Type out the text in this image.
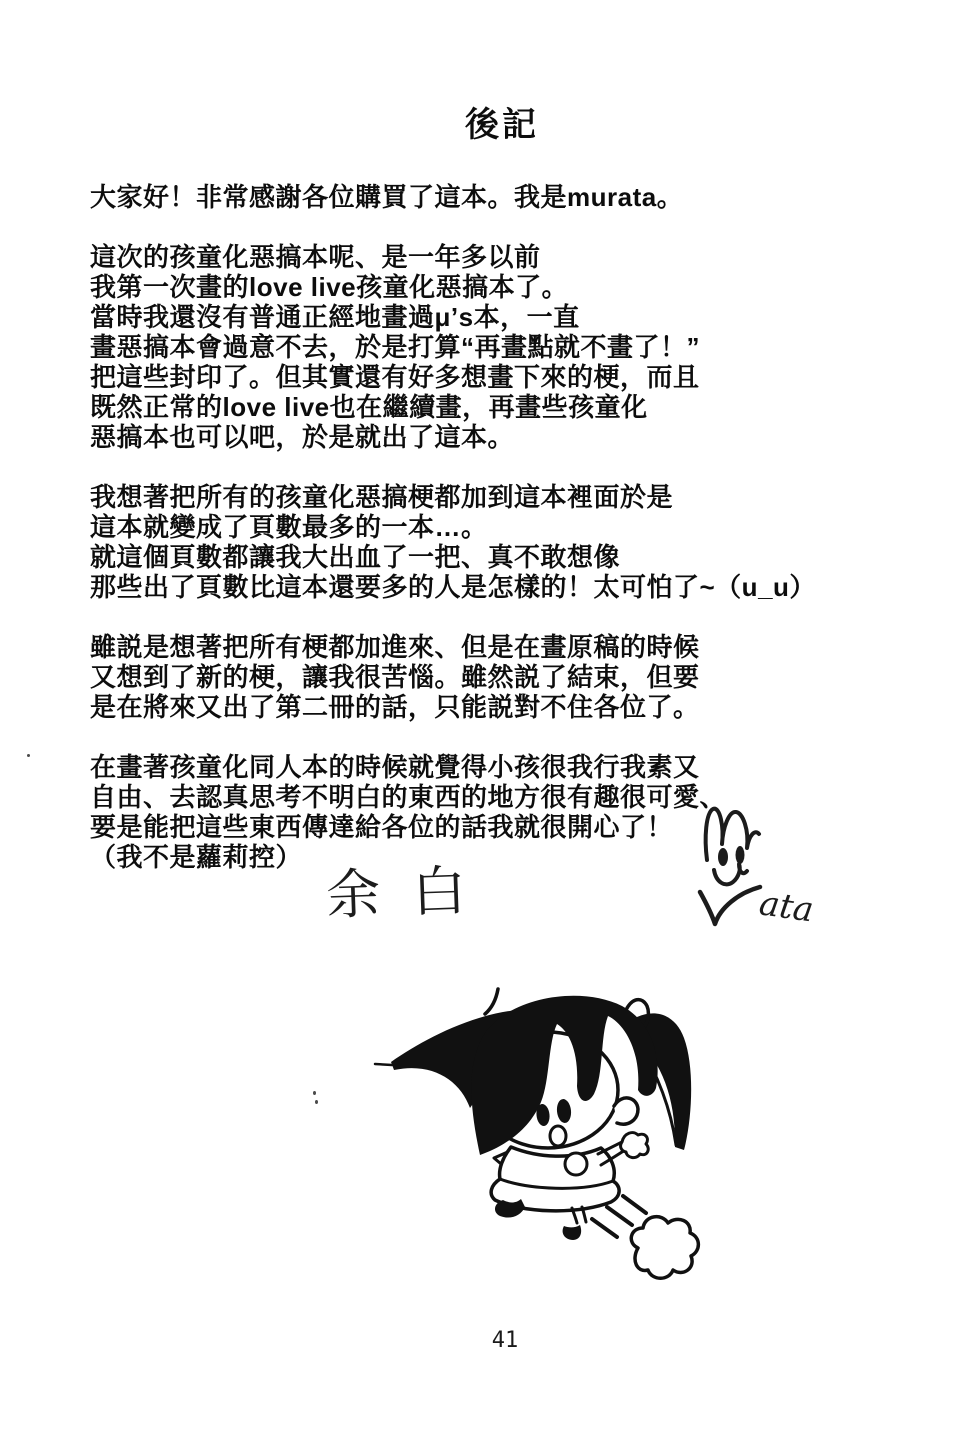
後記

大家好！非常感謝各位購買了這本。我是murata。

這次的孩童化惡搞本呢、是一年多以前
我第一次畫的love live孩童化惡搞本了。
當時我還沒有普通正經地畫過μ’s本，一直
畫惡搞本會過意不去，於是打算“再畫點就不畫了！”
把這些封印了。但其實還有好多想畫下來的梗，而且
既然正常的love live也在繼續畫，再畫些孩童化
惡搞本也可以吧，於是就出了這本。

我想著把所有的孩童化惡搞梗都加到這本裡面於是
這本就變成了頁數最多的一本…。
就這個頁數都讓我大出血了一把、真不敢想像
那些出了頁數比這本還要多的人是怎樣的！太可怕了~（u_u）

雖説是想著把所有梗都加進來、但是在畫原稿的時候
又想到了新的梗，讓我很苦惱。雖然説了結束，但要
是在將來又出了第二冊的話，只能説對不住各位了。

在畫著孩童化同人本的時候就覺得小孩很我行我素又
自由、去認真思考不明白的東西的地方很有趣很可愛、
要是能把這些東西傳達給各位的話我就很開心了！
（我不是蘿莉控）

余白	ata
41
